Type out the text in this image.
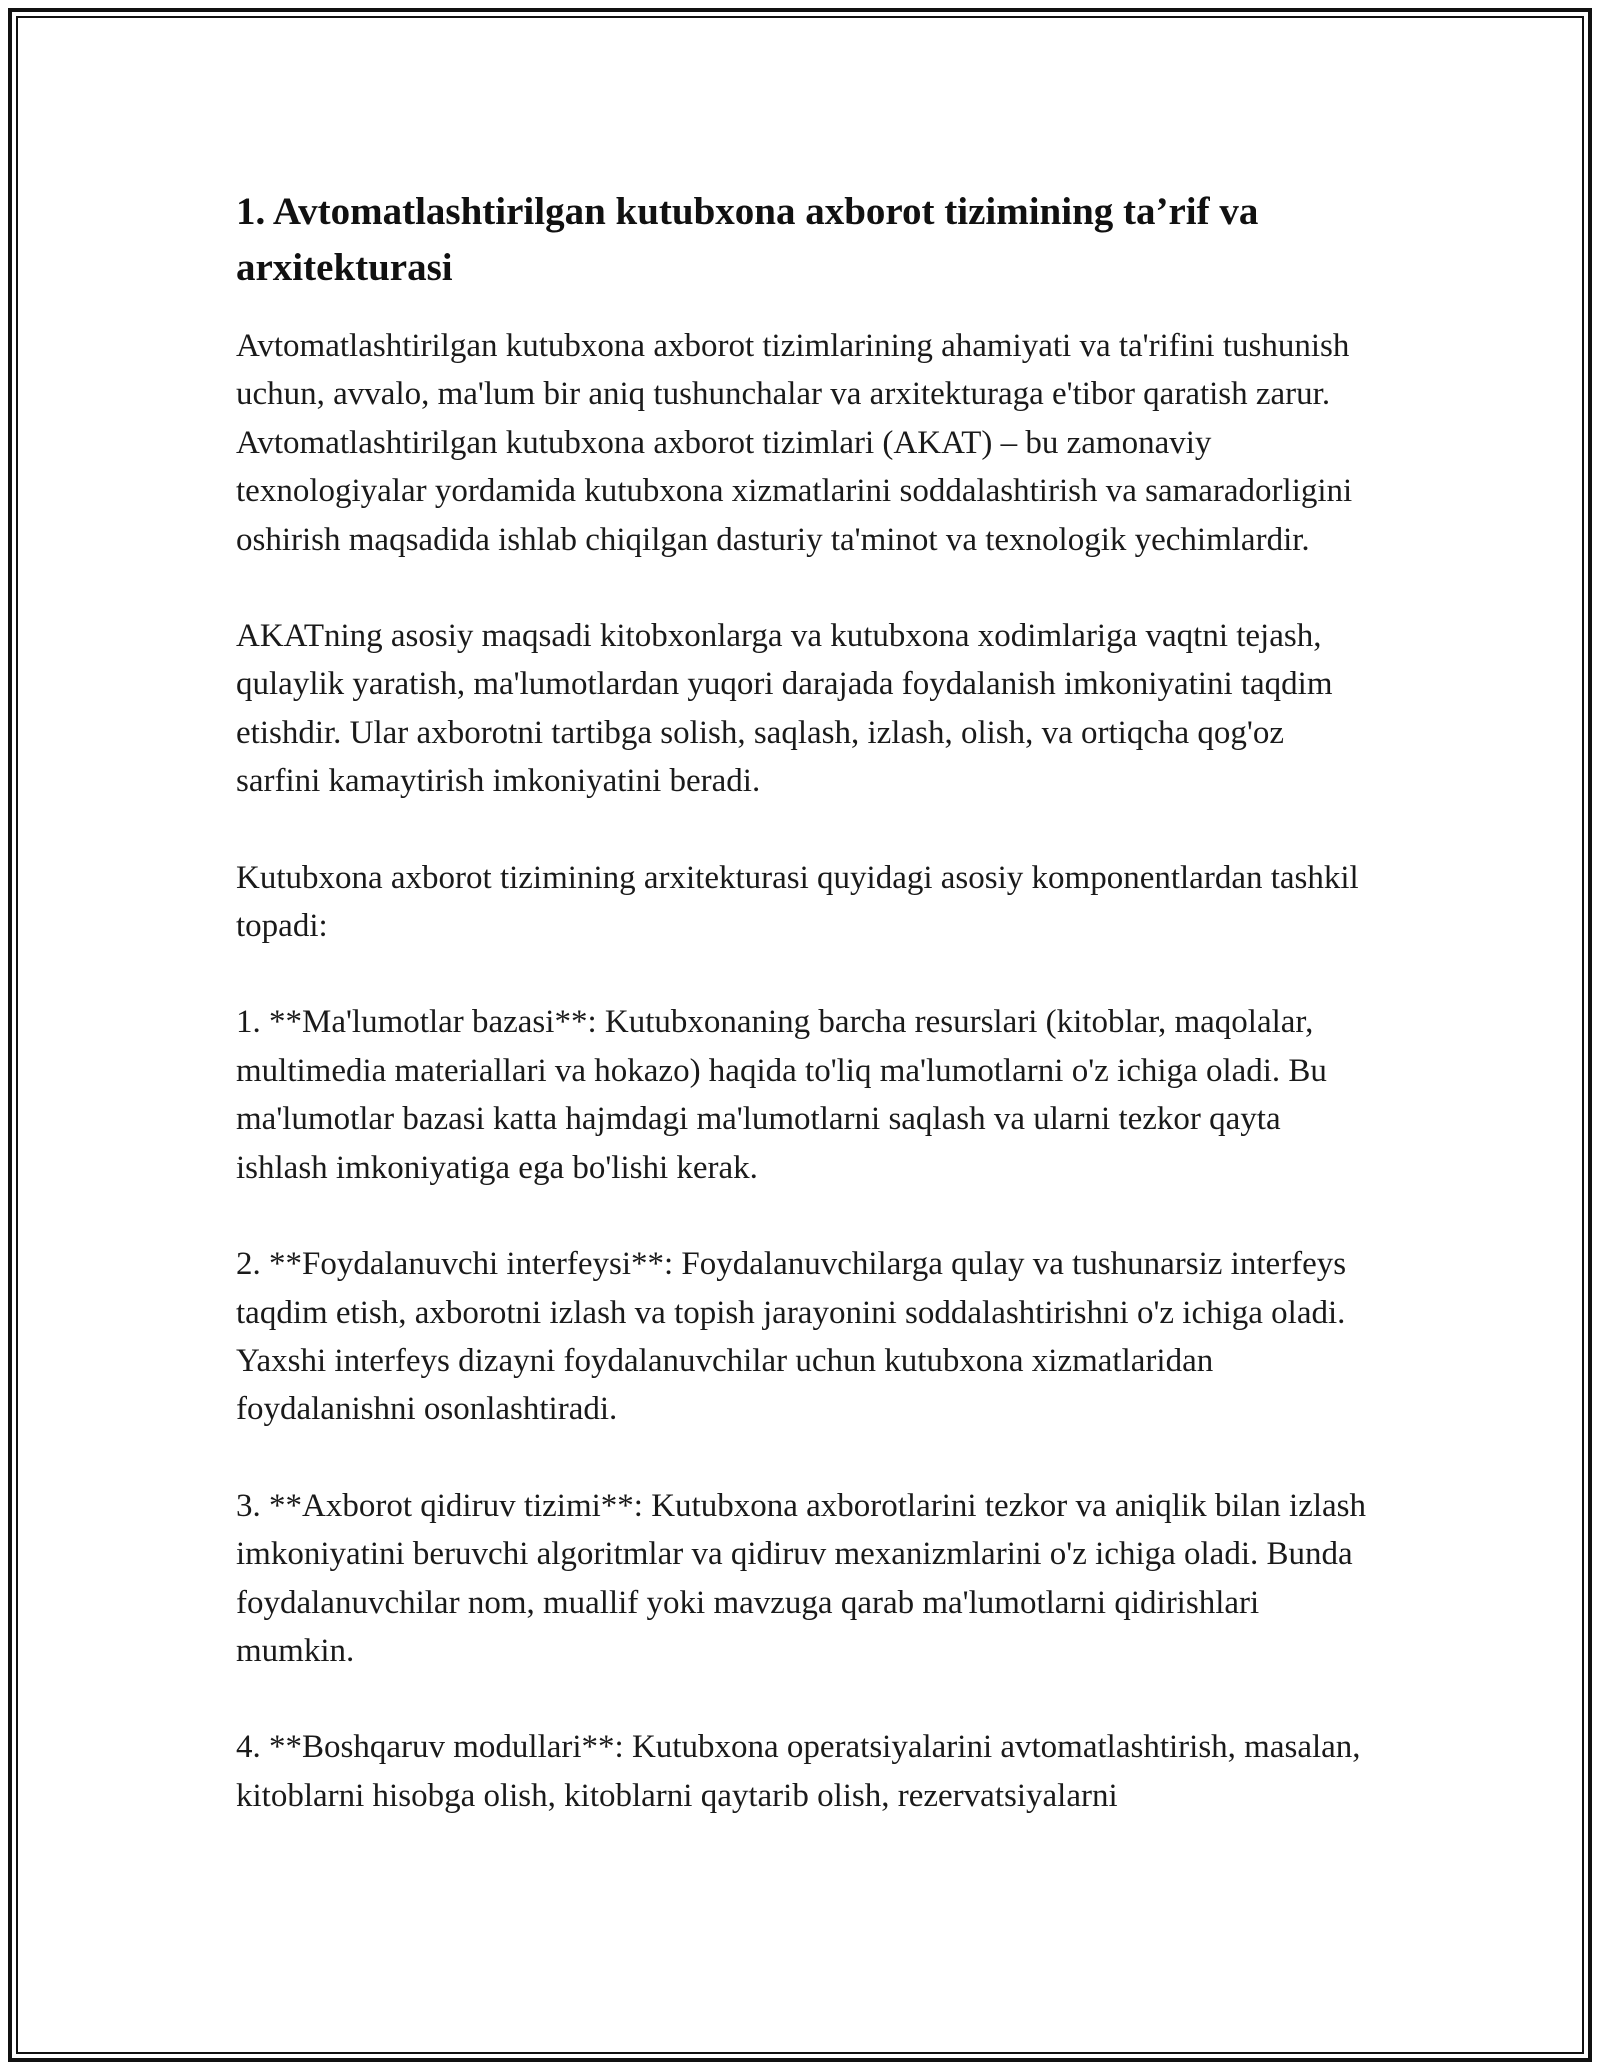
1. Avtomatlashtirilgan kutubxona axborot tizimining ta’rif va arxitekturasi

Avtomatlashtirilgan kutubxona axborot tizimlarining ahamiyati va ta'rifini tushunish uchun, avvalo, ma'lum bir aniq tushunchalar va arxitekturaga e'tibor qaratish zarur. Avtomatlashtirilgan kutubxona axborot tizimlari (AKAT) – bu zamonaviy texnologiyalar yordamida kutubxona xizmatlarini soddalashtirish va samaradorligini oshirish maqsadida ishlab chiqilgan dasturiy ta'minot va texnologik yechimlardir.

AKATning asosiy maqsadi kitobxonlarga va kutubxona xodimlariga vaqtni tejash, qulaylik yaratish, ma'lumotlardan yuqori darajada foydalanish imkoniyatini taqdim etishdir. Ular axborotni tartibga solish, saqlash, izlash, olish, va ortiqcha qog'oz sarfini kamaytirish imkoniyatini beradi.

Kutubxona axborot tizimining arxitekturasi quyidagi asosiy komponentlardan tashkil topadi:

1. **Ma'lumotlar bazasi**: Kutubxonaning barcha resurslari (kitoblar, maqolalar, multimedia materiallari va hokazo) haqida to'liq ma'lumotlarni o'z ichiga oladi. Bu ma'lumotlar bazasi katta hajmdagi ma'lumotlarni saqlash va ularni tezkor qayta ishlash imkoniyatiga ega bo'lishi kerak.

2. **Foydalanuvchi interfeysi**: Foydalanuvchilarga qulay va tushunarsiz interfeys taqdim etish, axborotni izlash va topish jarayonini soddalashtirishni o'z ichiga oladi. Yaxshi interfeys dizayni foydalanuvchilar uchun kutubxona xizmatlaridan foydalanishni osonlashtiradi.

3. **Axborot qidiruv tizimi**: Kutubxona axborotlarini tezkor va aniqlik bilan izlash imkoniyatini beruvchi algoritmlar va qidiruv mexanizmlarini o'z ichiga oladi. Bunda foydalanuvchilar nom, muallif yoki mavzuga qarab ma'lumotlarni qidirishlari mumkin.

4. **Boshqaruv modullari**: Kutubxona operatsiyalarini avtomatlashtirish, masalan, kitoblarni hisobga olish, kitoblarni qaytarib olish, rezervatsiyalarni
